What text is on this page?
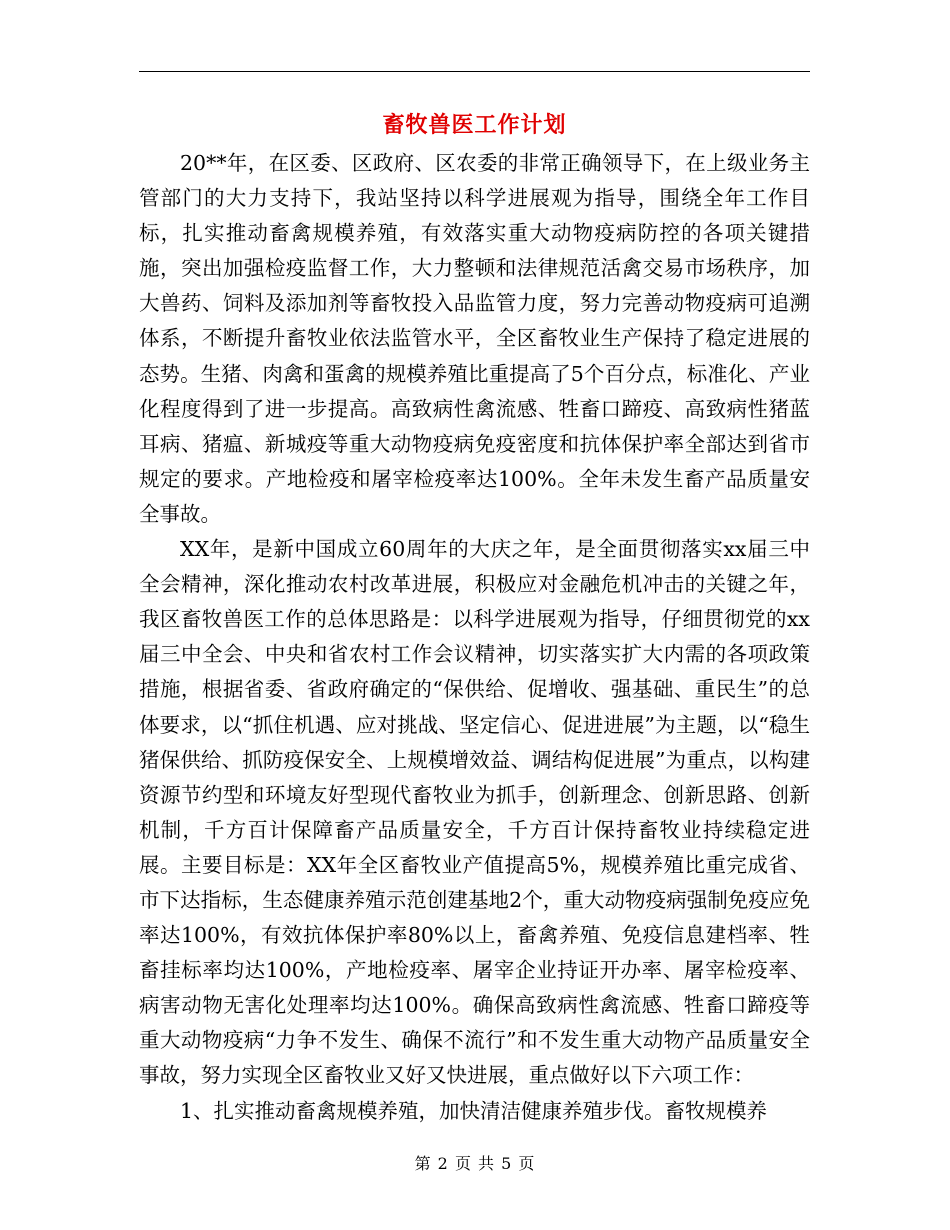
畜牧兽医工作计划

20**年，在区委、区政府、区农委的非常正确领导下，在上级业务主管部门的大力支持下，我站坚持以科学进展观为指导，围绕全年工作目标，扎实推动畜禽规模养殖，有效落实重大动物疫病防控的各项关键措施，突出加强检疫监督工作，大力整顿和法律规范活禽交易市场秩序，加大兽药、饲料及添加剂等畜牧投入品监管力度，努力完善动物疫病可追溯体系，不断提升畜牧业依法监管水平，全区畜牧业生产保持了稳定进展的态势。生猪、肉禽和蛋禽的规模养殖比重提高了5个百分点，标准化、产业化程度得到了进一步提高。高致病性禽流感、牲畜口蹄疫、高致病性猪蓝耳病、猪瘟、新城疫等重大动物疫病免疫密度和抗体保护率全部达到省市规定的要求。产地检疫和屠宰检疫率达100%。全年未发生畜产品质量安全事故。

XX年，是新中国成立60周年的大庆之年，是全面贯彻落实xx届三中全会精神，深化推动农村改革进展，积极应对金融危机冲击的关键之年，我区畜牧兽医工作的总体思路是：以科学进展观为指导，仔细贯彻党的xx届三中全会、中央和省农村工作会议精神，切实落实扩大内需的各项政策措施，根据省委、省政府确定的“保供给、促增收、强基础、重民生”的总体要求，以“抓住机遇、应对挑战、坚定信心、促进进展”为主题，以“稳生猪保供给、抓防疫保安全、上规模增效益、调结构促进展”为重点，以构建资源节约型和环境友好型现代畜牧业为抓手，创新理念、创新思路、创新机制，千方百计保障畜产品质量安全，千方百计保持畜牧业持续稳定进展。主要目标是：XX年全区畜牧业产值提高5%，规模养殖比重完成省、市下达指标，生态健康养殖示范创建基地2个，重大动物疫病强制免疫应免率达100%，有效抗体保护率80%以上，畜禽养殖、免疫信息建档率、牲畜挂标率均达100%，产地检疫率、屠宰企业持证开办率、屠宰检疫率、病害动物无害化处理率均达100%。确保高致病性禽流感、牲畜口蹄疫等重大动物疫病“力争不发生、确保不流行”和不发生重大动物产品质量安全事故，努力实现全区畜牧业又好又快进展，重点做好以下六项工作：

1、扎实推动畜禽规模养殖，加快清洁健康养殖步伐。畜牧规模养

第 2 页 共 5 页
